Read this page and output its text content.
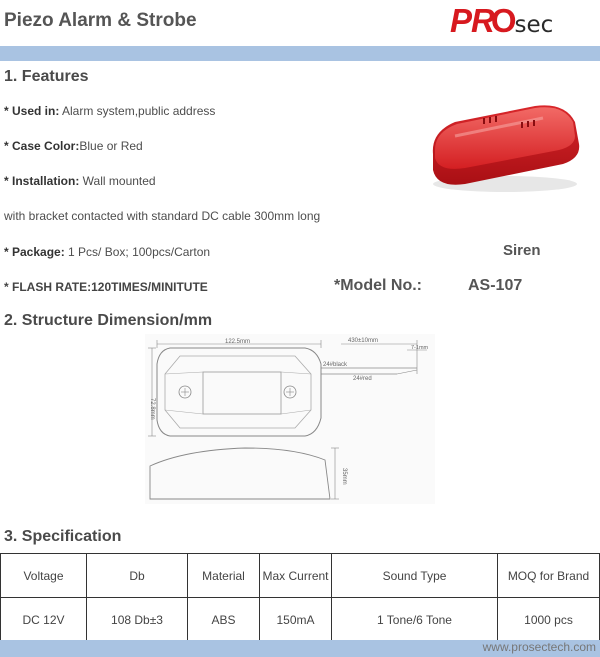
Piezo Alarm & Strobe	PR
O
sec
1. Features
* Used in: Alarm system,public address
* Case Color:Blue or Red
* Installation: Wall mounted
with bracket contacted with standard DC cable 300mm long
* Package: 1 Pcs/ Box; 100pcs/Carton
* FLASH RATE:120TIMES/MINITUTE
Siren
*Model No.:	AS-107
2. Structure Dimension/mm
122.5mm
72.8mm
430±10mm
7-1mm
24#black
24#red
35mm
3. Specification
Voltage	Db	Material	Max Current	Sound Type	MOQ for Brand
DC 12V	108 Db±3	ABS	150mA	1 Tone/6 Tone	1000 pcs
www.prosectech.com
